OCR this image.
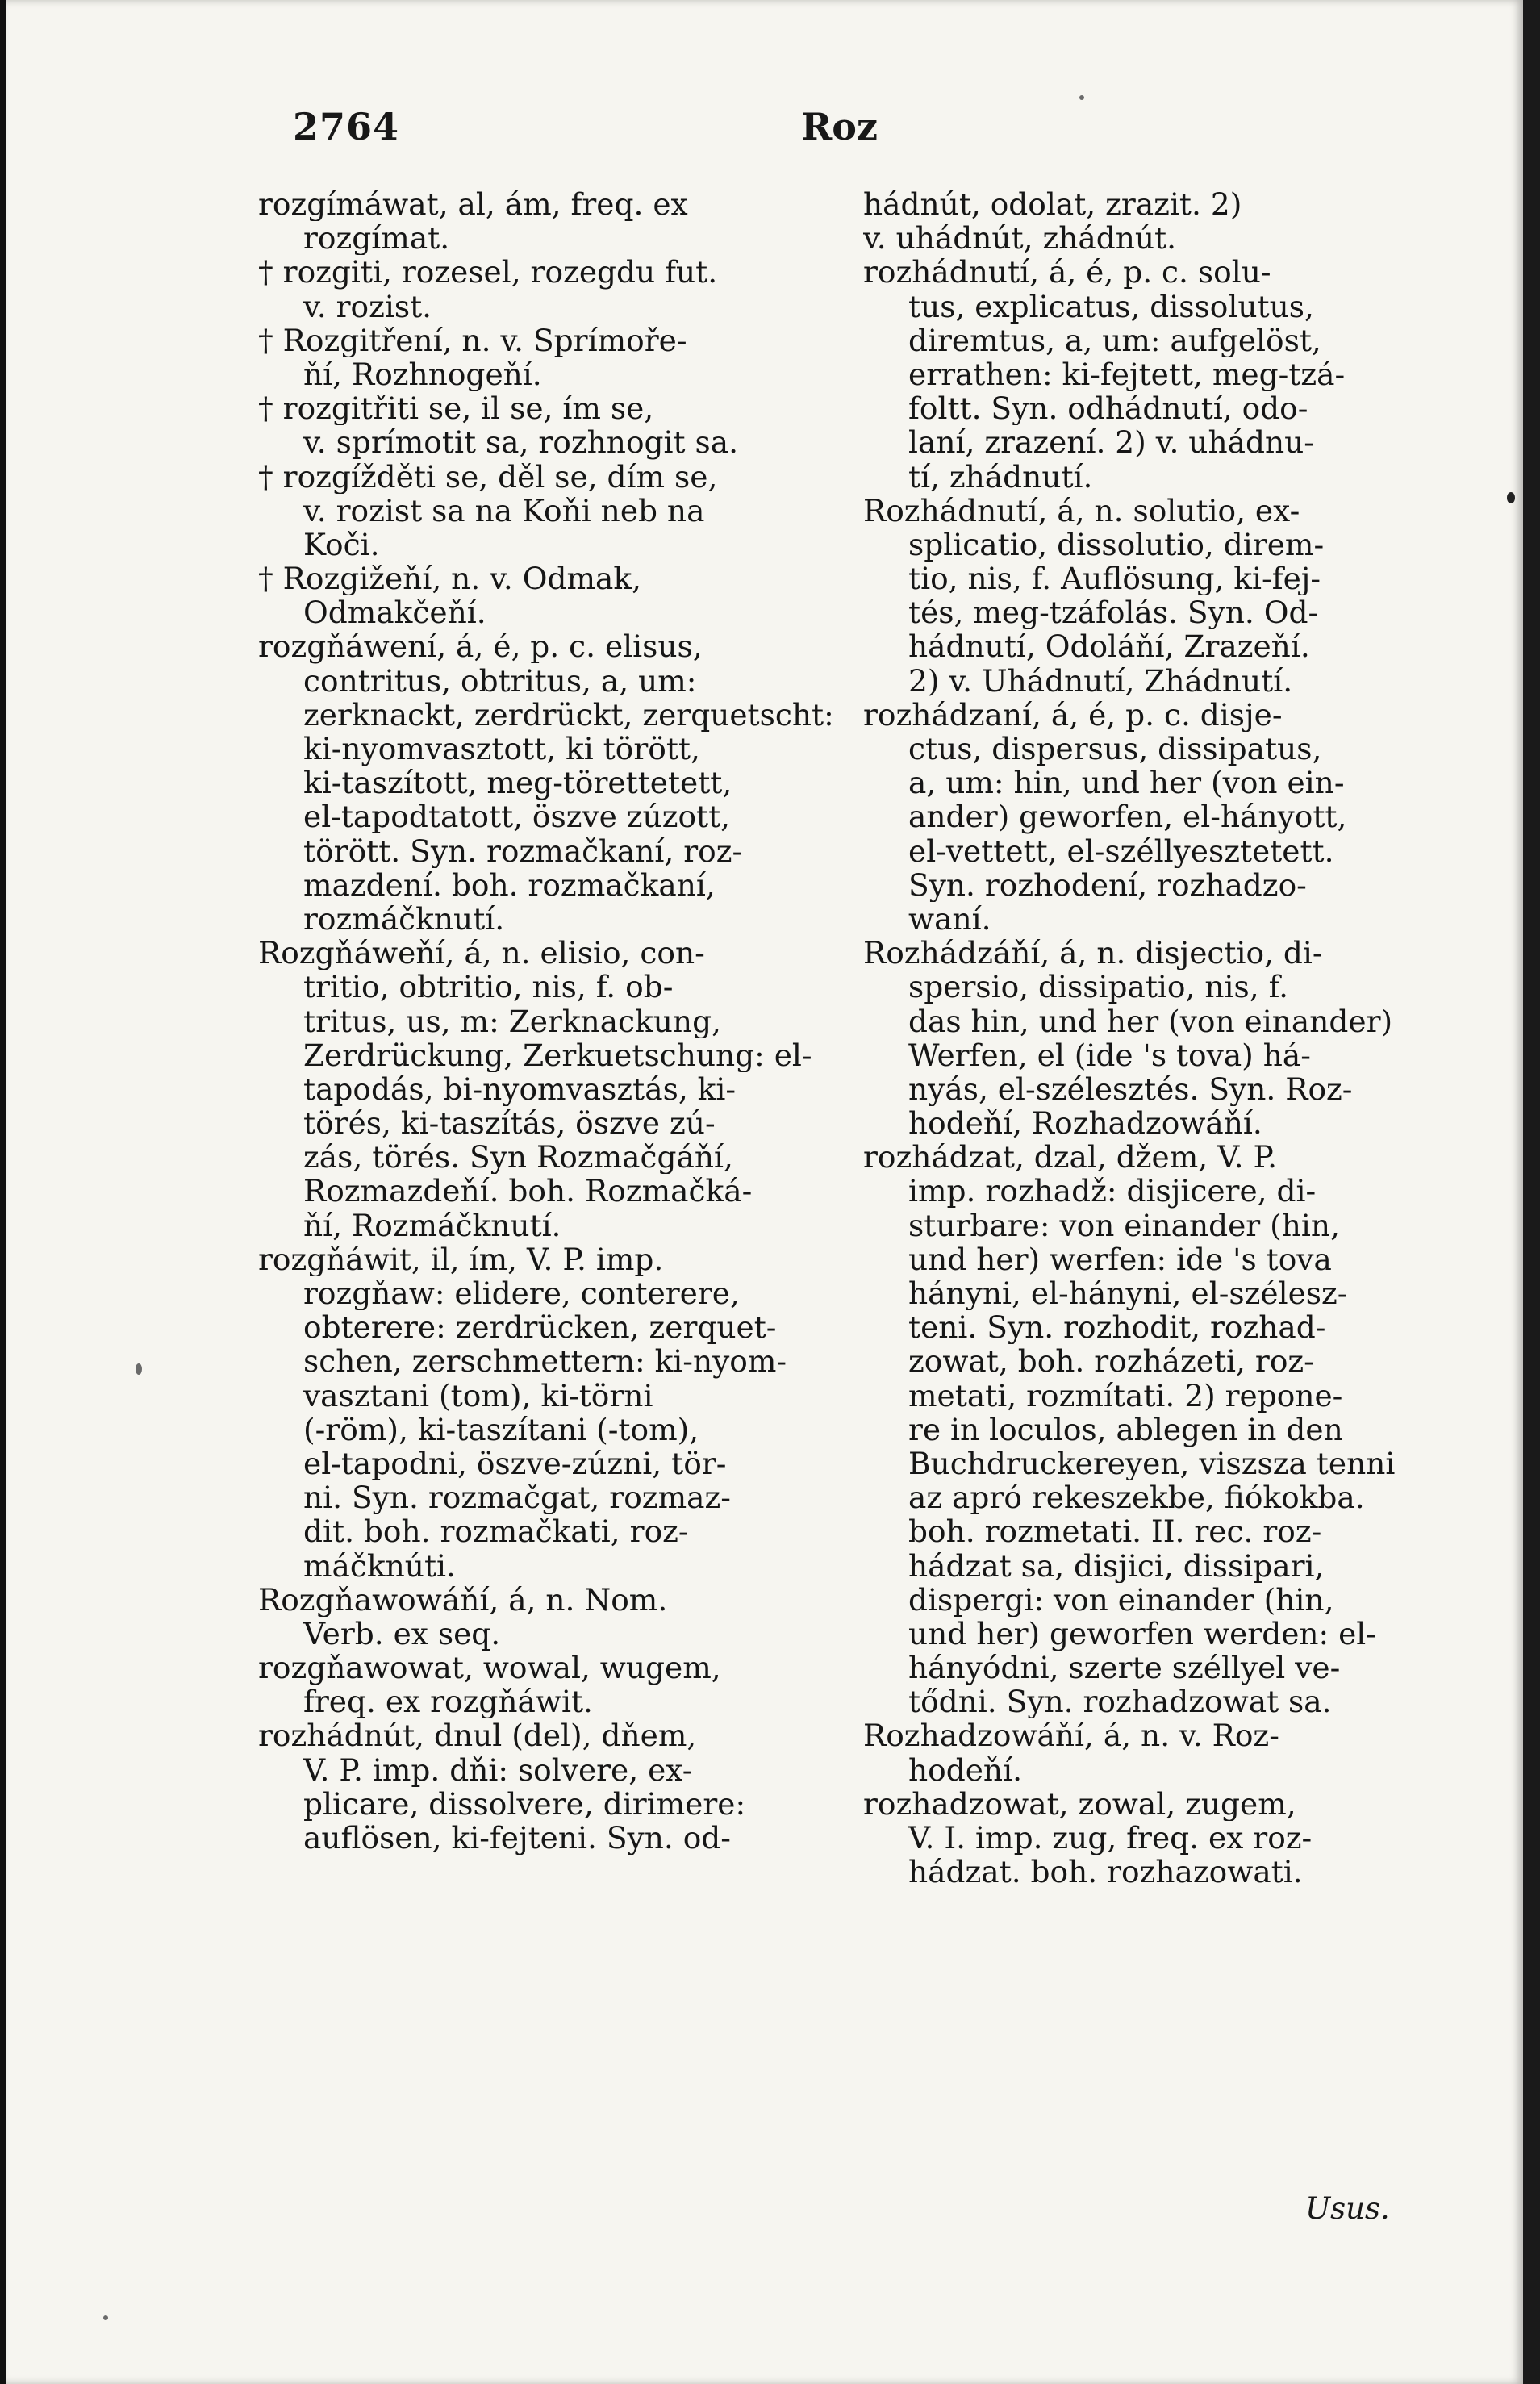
2764	Roz
rozgímáwat, al, ám, freq. ex
rozgímat.
† rozgiti, rozesel, rozegdu fut.
v. rozist.
† Rozgitření, n. v. Sprímoře-
ňí, Rozhnogeňí.
† rozgitřiti se, il se, ím se,
v. sprímotit sa, rozhnogit sa.
† rozgížděti se, děl se, dím se,
v. rozist sa na Koňi neb na
Koči.
† Rozgižeňí, n. v. Odmak,
Odmakčeňí.
rozgňáwení, á, é, p. c. elisus,
contritus, obtritus, a, um:
zerknackt, zerdrückt, zerquetscht:
ki-nyomvasztott, ki törött,
ki-taszított, meg-törettetett,
el-tapodtatott, öszve zúzott,
törött. Syn. rozmačkaní, roz-
mazdení. boh. rozmačkaní,
rozmáčknutí.
Rozgňáweňí, á, n. elisio, con-
tritio, obtritio, nis, f. ob-
tritus, us, m: Zerknackung,
Zerdrückung, Zerkuetschung: el-
tapodás, bi-nyomvasztás, ki-
törés, ki-taszítás, öszve zú-
zás, törés. Syn Rozmačgáňí,
Rozmazdeňí. boh. Rozmačká-
ňí, Rozmáčknutí.
rozgňáwit, il, ím, V. P. imp.
rozgňaw: elidere, conterere,
obterere: zerdrücken, zerquet-
schen, zerschmettern: ki-nyom-
vasztani (tom), ki-törni
(-röm), ki-taszítani (-tom),
el-tapodni, öszve-zúzni, tör-
ni. Syn. rozmačgat, rozmaz-
dit. boh. rozmačkati, roz-
máčknúti.
Rozgňawowáňí, á, n. Nom.
Verb. ex seq.
rozgňawowat, wowal, wugem,
freq. ex rozgňáwit.
rozhádnút, dnul (del), dňem,
V. P. imp. dňi: solvere, ex-
plicare, dissolvere, dirimere:
auflösen, ki-fejteni. Syn. od-
hádnút, odolat, zrazit. 2)
v. uhádnút, zhádnút.
rozhádnutí, á, é, p. c. solu-
tus, explicatus, dissolutus,
diremtus, a, um: aufgelöst,
errathen: ki-fejtett, meg-tzá-
foltt. Syn. odhádnutí, odo-
laní, zrazení. 2) v. uhádnu-
tí, zhádnutí.
Rozhádnutí, á, n. solutio, ex-
splicatio, dissolutio, direm-
tio, nis, f. Auflösung, ki-fej-
tés, meg-tzáfolás. Syn. Od-
hádnutí, Odoláňí, Zrazeňí.
2) v. Uhádnutí, Zhádnutí.
rozhádzaní, á, é, p. c. disje-
ctus, dispersus, dissipatus,
a, um: hin, und her (von ein-
ander) geworfen, el-hányott,
el-vettett, el-széllyesztetett.
Syn. rozhodení, rozhadzo-
waní.
Rozhádzáňí, á, n. disjectio, di-
spersio, dissipatio, nis, f.
das hin, und her (von einander)
Werfen, el (ide 's tova) há-
nyás, el-szélesztés. Syn. Roz-
hodeňí, Rozhadzowáňí.
rozhádzat, dzal, džem, V. P.
imp. rozhadž: disjicere, di-
sturbare: von einander (hin,
und her) werfen: ide 's tova
hányni, el-hányni, el-szélesz-
teni. Syn. rozhodit, rozhad-
zowat, boh. rozházeti, roz-
metati, rozmítati. 2) repone-
re in loculos, ablegen in den
Buchdruckereyen, viszsza tenni
az apró rekeszekbe, fiókokba.
boh. rozmetati. II. rec. roz-
hádzat sa, disjici, dissipari,
dispergi: von einander (hin,
und her) geworfen werden: el-
hányódni, szerte széllyel ve-
tődni. Syn. rozhadzowat sa.
Rozhadzowáňí, á, n. v. Roz-
hodeňí.
rozhadzowat, zowal, zugem,
V. I. imp. zug, freq. ex roz-
hádzat. boh. rozhazowati.
Usus.
